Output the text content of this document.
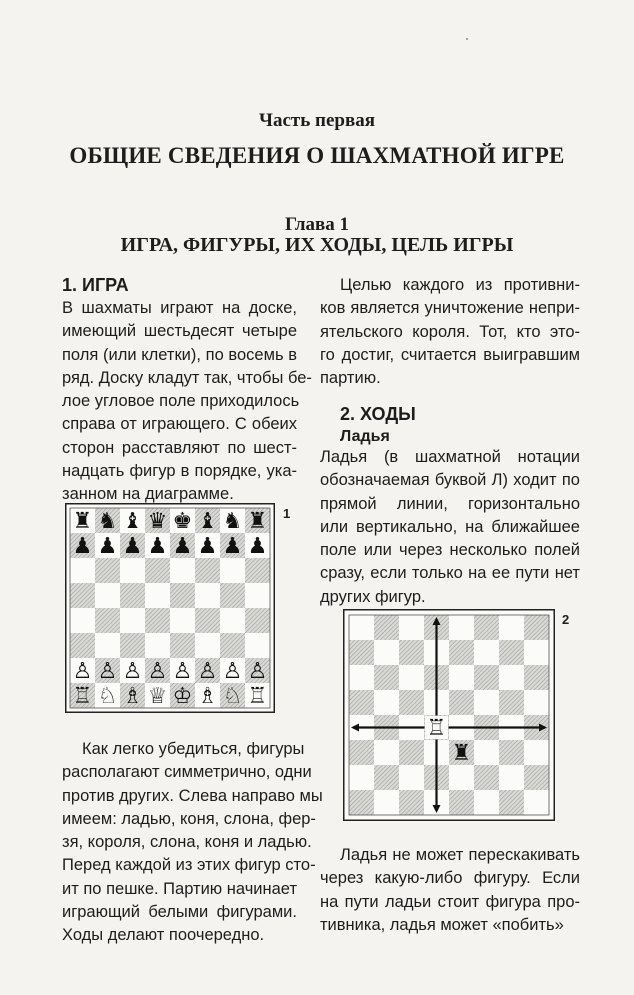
Часть первая
ОБЩИЕ СВЕДЕНИЯ О ШАХМАТНОЙ ИГРЕ
Глава 1
ИГРА, ФИГУРЫ, ИХ ХОДЫ, ЦЕЛЬ ИГРЫ
1. ИГРА
В шахматы играют на доске,
имеющий шестьдесят четыре
поля (или клетки), по восемь в
ряд. Доску кладут так, чтобы бе-
лое угловое поле приходилось
справа от играющего. С обеих
сторон расставляют по шест-
надцать фигур в порядке, ука-
занном на диаграмме.
♜ ♞ ♝ ♛ ♚ ♝ ♞ ♜
♟ ♟ ♟ ♟ ♟ ♟ ♟ ♟
♙ ♙ ♙ ♙ ♙ ♙ ♙ ♙
♖ ♘ ♗ ♕ ♔ ♗ ♘ ♖
1
Как легко убедиться, фигуры
располагают симметрично, одни
против других. Слева направо мы
имеем: ладью, коня, слона, фер-
зя, короля, слона, коня и ладью.
Перед каждой из этих фигур сто-
ит по пешке. Партию начинает
играющий белыми фигурами.
Ходы делают поочередно.
Целью каждого из противни-
ков является уничтожение непри-
ятельского короля. Тот, кто это-
го достиг, считается выигравшим
партию.
2. ХОДЫ
Ладья
Ладья (в шахматной нотации
обозначаемая буквой Л) ходит по
прямой линии, горизонтально
или вертикально, на ближайшее
поле или через несколько полей
сразу, если только на ее пути нет
других фигур.
♖
♜
2
Ладья не может перескакивать
через какую-либо фигуру. Если
на пути ладьи стоит фигура про-
тивника, ладья может «побить»
